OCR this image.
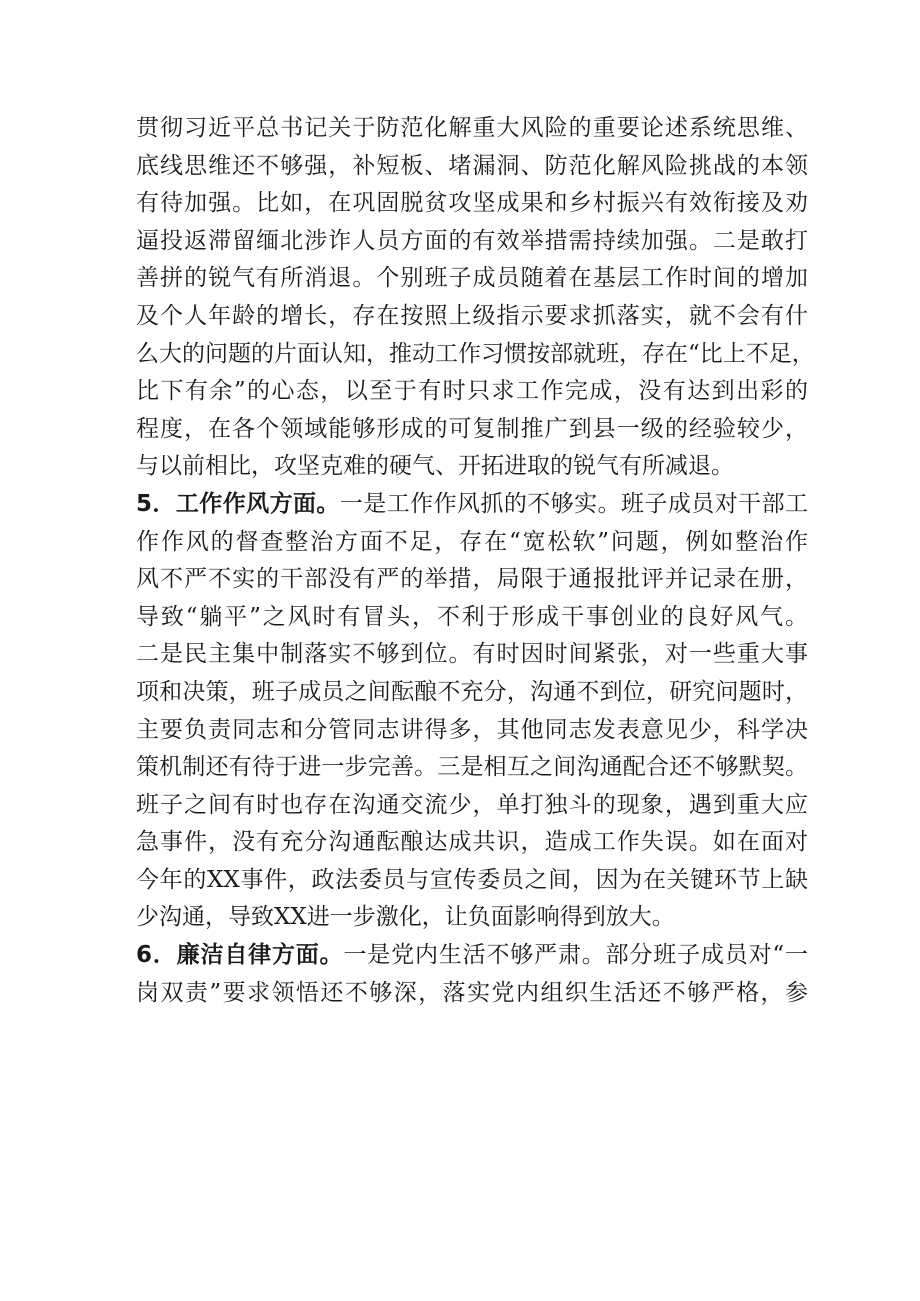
贯彻习近平总书记关于防范化解重大风险的重要论述系统思维、
底线思维还不够强，补短板、堵漏洞、防范化解风险挑战的本领
有待加强。比如，在巩固脱贫攻坚成果和乡村振兴有效衔接及劝
逼投返滞留缅北涉诈人员方面的有效举措需持续加强。二是敢打
善拼的锐气有所消退。个别班子成员随着在基层工作时间的增加
及个人年龄的增长，存在按照上级指示要求抓落实，就不会有什
么大的问题的片面认知，推动工作习惯按部就班，存在“比上不足，
比下有余”的心态，以至于有时只求工作完成，没有达到出彩的
程度，在各个领域能够形成的可复制推广到县一级的经验较少，
与以前相比，攻坚克难的硬气、开拓进取的锐气有所减退。
5．工作作风方面。一是工作作风抓的不够实。班子成员对干部工
作作风的督查整治方面不足，存在“宽松软”问题，例如整治作
风不严不实的干部没有严的举措，局限于通报批评并记录在册，
导致“躺平”之风时有冒头，不利于形成干事创业的良好风气。
二是民主集中制落实不够到位。有时因时间紧张，对一些重大事
项和决策，班子成员之间酝酿不充分，沟通不到位，研究问题时，
主要负责同志和分管同志讲得多，其他同志发表意见少，科学决
策机制还有待于进一步完善。三是相互之间沟通配合还不够默契。
班子之间有时也存在沟通交流少，单打独斗的现象，遇到重大应
急事件，没有充分沟通酝酿达成共识，造成工作失误。如在面对
今年的XX事件，政法委员与宣传委员之间，因为在关键环节上缺
少沟通，导致XX进一步激化，让负面影响得到放大。
6．廉洁自律方面。一是党内生活不够严肃。部分班子成员对“一
岗双责”要求领悟还不够深，落实党内组织生活还不够严格，参
